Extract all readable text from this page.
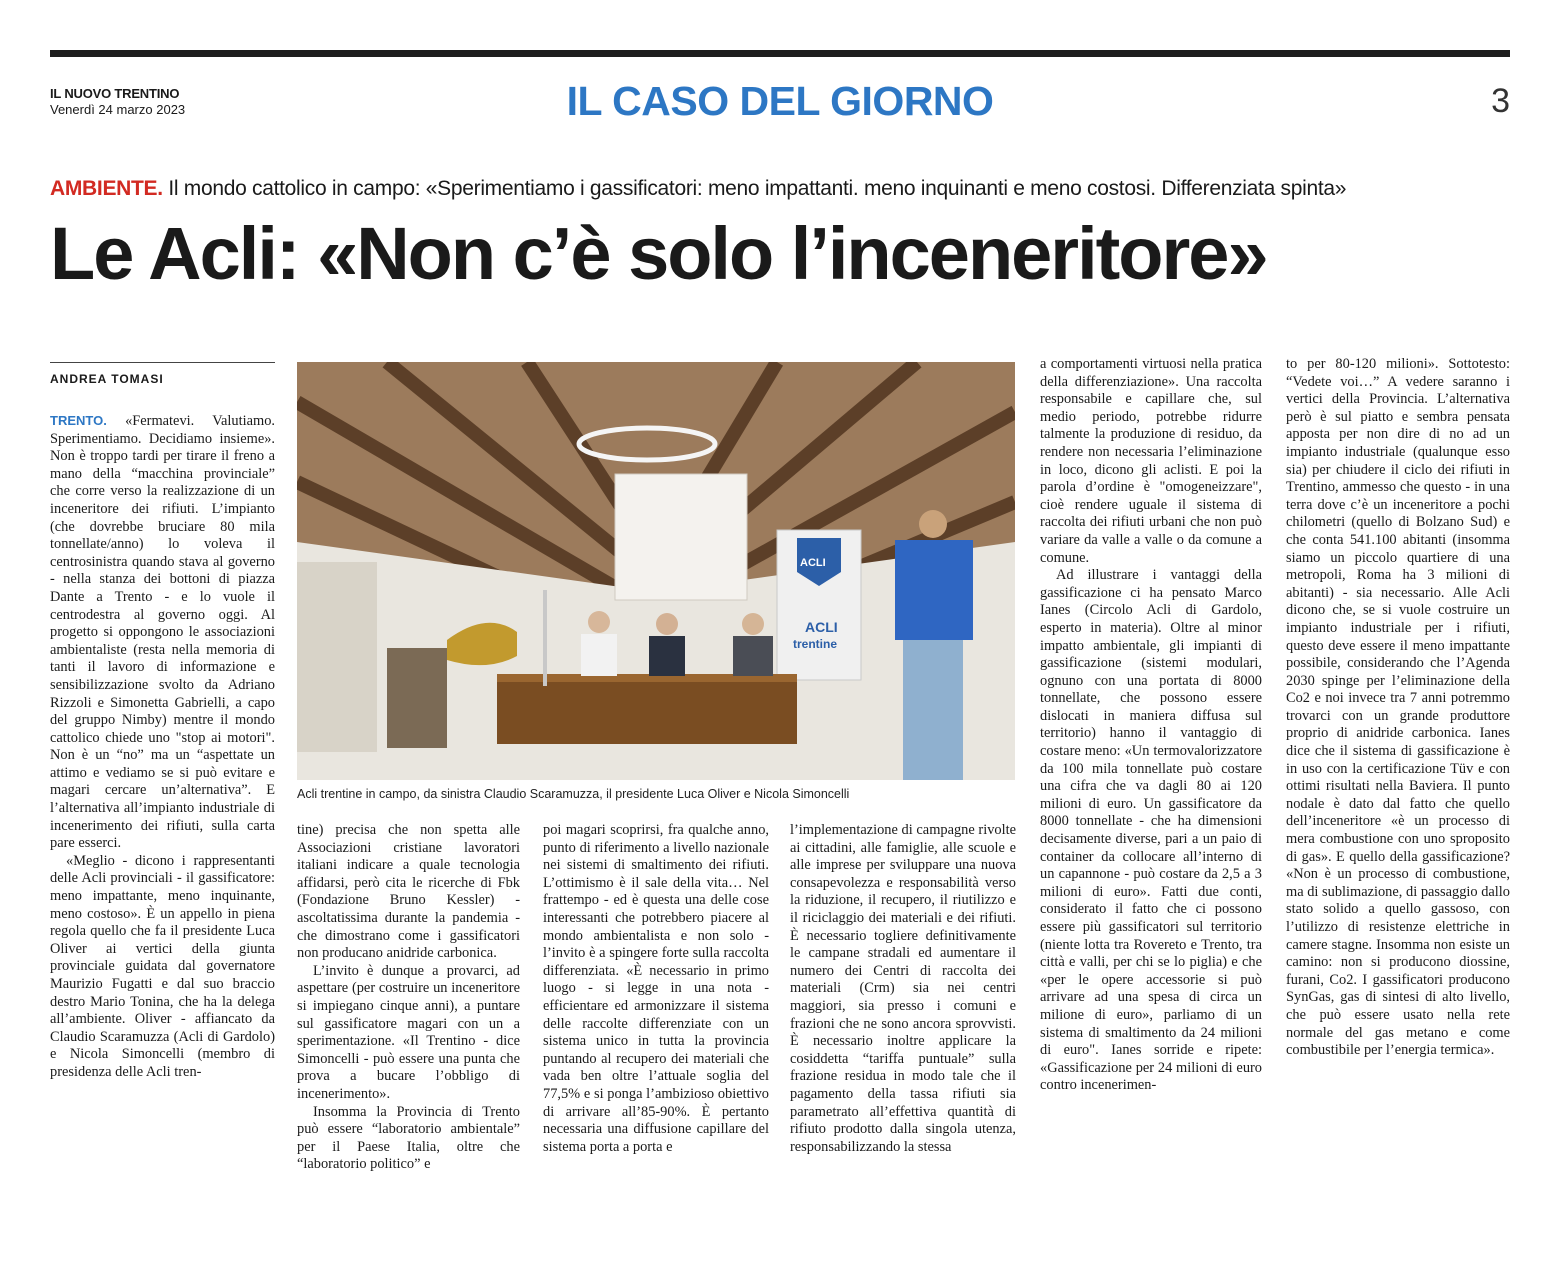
IL NUOVO TRENTINO
Venerdì 24 marzo 2023	IL CASO DEL GIORNO	3
AMBIENTE. Il mondo cattolico in campo: «Sperimentiamo i gassificatori: meno impattanti. meno inquinanti e meno costosi. Differenziata spinta»
Le Acli: «Non c’è solo l’inceneritore»
ANDREA TOMASI

TRENTO. «Fermatevi. Valutiamo. Sperimentiamo. Decidiamo insieme». Non è troppo tardi per tirare il freno a mano della “macchina provinciale” che corre verso la realizzazione di un inceneritore dei rifiuti. L’impianto (che dovrebbe bruciare 80 mila tonnellate/anno) lo voleva il centrosinistra quando stava al governo - nella stanza dei bottoni di piazza Dante a Trento - e lo vuole il centrodestra al governo oggi. Al progetto si oppongono le associazioni ambientaliste (resta nella memoria di tanti il lavoro di informazione e sensibilizzazione svolto da Adriano Rizzoli e Simonetta Gabrielli, a capo del gruppo Nimby) mentre il mondo cattolico chiede uno "stop ai motori". Non è un “no” ma un “aspettate un attimo e vediamo se si può evitare e magari cercare un’alternativa”. E l’alternativa all’impianto industriale di incenerimento dei rifiuti, sulla carta pare esserci.

«Meglio - dicono i rappresentanti delle Acli provinciali - il gassificatore: meno impattante, meno inquinante, meno costoso». È un appello in piena regola quello che fa il presidente Luca Oliver ai vertici della giunta provinciale guidata dal governatore Maurizio Fugatti e dal suo braccio destro Mario Tonina, che ha la delega all’ambiente. Oliver - affiancato da Claudio Scaramuzza (Acli di Gardolo) e Nicola Simoncelli (membro di presidenza delle Acli tren-

ACLI
ACLI
trentine
Acli trentine in campo, da sinistra Claudio Scaramuzza, il presidente Luca Oliver e Nicola Simoncelli

tine) precisa che non spetta alle Associazioni cristiane lavoratori italiani indicare a quale tecnologia affidarsi, però cita le ricerche di Fbk (Fondazione Bruno Kessler) - ascoltatissima durante la pandemia - che dimostrano come i gassificatori non producano anidride carbonica.

L’invito è dunque a provarci, ad aspettare (per costruire un inceneritore si impiegano cinque anni), a puntare sul gassificatore magari con un a sperimentazione. «Il Trentino - dice Simoncelli - può essere una punta che prova a bucare l’obbligo di incenerimento».

Insomma la Provincia di Trento può essere “laboratorio ambientale” per il Paese Italia, oltre che “laboratorio politico” e

poi magari scoprirsi, fra qualche anno, punto di riferimento a livello nazionale nei sistemi di smaltimento dei rifiuti. L’ottimismo è il sale della vita… Nel frattempo - ed è questa una delle cose interessanti che potrebbero piacere al mondo ambientalista e non solo - l’invito è a spingere forte sulla raccolta differenziata. «È necessario in primo luogo - si legge in una nota - efficientare ed armonizzare il sistema delle raccolte differenziate con un sistema unico in tutta la provincia puntando al recupero dei materiali che vada ben oltre l’attuale soglia del 77,5% e si ponga l’ambizioso obiettivo di arrivare all’85-90%. È pertanto necessaria una diffusione capillare del sistema porta a porta e

l’implementazione di campagne rivolte ai cittadini, alle famiglie, alle scuole e alle imprese per sviluppare una nuova consapevolezza e responsabilità verso la riduzione, il recupero, il riutilizzo e il riciclaggio dei materiali e dei rifiuti. È necessario togliere definitivamente le campane stradali ed aumentare il numero dei Centri di raccolta dei materiali (Crm) sia nei centri maggiori, sia presso i comuni e frazioni che ne sono ancora sprovvisti. È necessario inoltre applicare la cosiddetta “tariffa puntuale” sulla frazione residua in modo tale che il pagamento della tassa rifiuti sia parametrato all’effettiva quantità di rifiuto prodotto dalla singola utenza, responsabilizzando la stessa

a comportamenti virtuosi nella pratica della differenziazione». Una raccolta responsabile e capillare che, sul medio periodo, potrebbe ridurre talmente la produzione di residuo, da rendere non necessaria l’eliminazione in loco, dicono gli aclisti. E poi la parola d’ordine è "omogeneizzare", cioè rendere uguale il sistema di raccolta dei rifiuti urbani che non può variare da valle a valle o da comune a comune.

Ad illustrare i vantaggi della gassificazione ci ha pensato Marco Ianes (Circolo Acli di Gardolo, esperto in materia). Oltre al minor impatto ambientale, gli impianti di gassificazione (sistemi modulari, ognuno con una portata di 8000 tonnellate, che possono essere dislocati in maniera diffusa sul territorio) hanno il vantaggio di costare meno: «Un termovalorizzatore da 100 mila tonnellate può costare una cifra che va dagli 80 ai 120 milioni di euro. Un gassificatore da 8000 tonnellate - che ha dimensioni decisamente diverse, pari a un paio di container da collocare all’interno di un capannone - può costare da 2,5 a 3 milioni di euro». Fatti due conti, considerato il fatto che ci possono essere più gassificatori sul territorio (niente lotta tra Rovereto e Trento, tra città e valli, per chi se lo piglia) e che «per le opere accessorie si può arrivare ad una spesa di circa un milione di euro», parliamo di un sistema di smaltimento da 24 milioni di euro". Ianes sorride e ripete: «Gassificazione per 24 milioni di euro contro incenerimen-

to per 80-120 milioni». Sottotesto: “Vedete voi…” A vedere saranno i vertici della Provincia. L’alternativa però è sul piatto e sembra pensata apposta per non dire di no ad un impianto industriale (qualunque esso sia) per chiudere il ciclo dei rifiuti in Trentino, ammesso che questo - in una terra dove c’è un inceneritore a pochi chilometri (quello di Bolzano Sud) e che conta 541.100 abitanti (insomma siamo un piccolo quartiere di una metropoli, Roma ha 3 milioni di abitanti) - sia necessario. Alle Acli dicono che, se si vuole costruire un impianto industriale per i rifiuti, questo deve essere il meno impattante possibile, considerando che l’Agenda 2030 spinge per l’eliminazione della Co2 e noi invece tra 7 anni potremmo trovarci con un grande produttore proprio di anidride carbonica. Ianes dice che il sistema di gassificazione è in uso con la certificazione Tüv e con ottimi risultati nella Baviera. Il punto nodale è dato dal fatto che quello dell’inceneritore «è un processo di mera combustione con uno sproposito di gas». E quello della gassificazione? «Non è un processo di combustione, ma di sublimazione, di passaggio dallo stato solido a quello gassoso, con l’utilizzo di resistenze elettriche in camere stagne. Insomma non esiste un camino: non si producono diossine, furani, Co2. I gassificatori producono SynGas, gas di sintesi di alto livello, che può essere usato nella rete normale del gas metano e come combustibile per l’energia termica».
